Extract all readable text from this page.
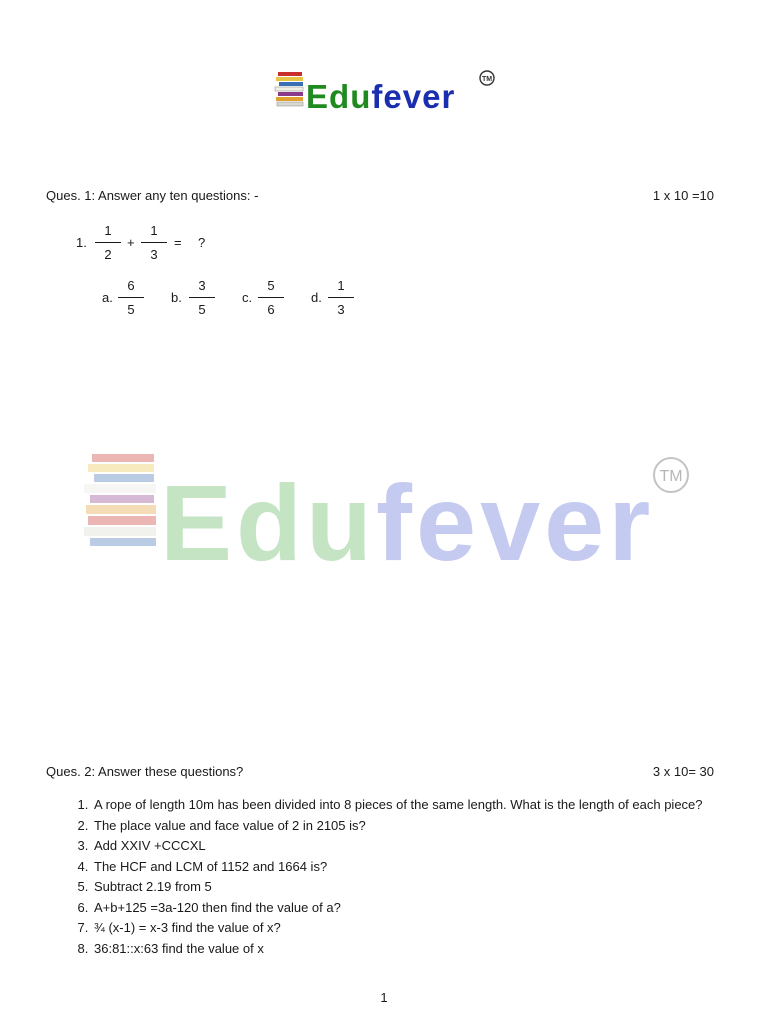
Edufever	TM
Edufever TM
Ques. 1: Answer any ten questions: -	1 x 10 =10
1. $\frac{1}{2} + \frac{1}{3}$ = ?
a. $\frac{6}{5} b$. $\frac{3}{5} c$. $\frac{5}{6} d$. $\frac{1}{3}$
Ques. 2: Answer these questions?	3 x 10= 30
1. A rope of length 10m has been divided into 8 pieces of the same length. What is the length of each piece?
2. The place value and face value of 2 in 2105 is?
3. Add XXIV +CCCXL
4. The HCF and LCM of 1152 and 1664 is?
5. Subtract 2.19 from 5
6. A+b+125 =3a-120 then find the value of a?
7. ¾ (x-1) = x-3 find the value of x?
8. 36:81::x:63 find the value of x
1
